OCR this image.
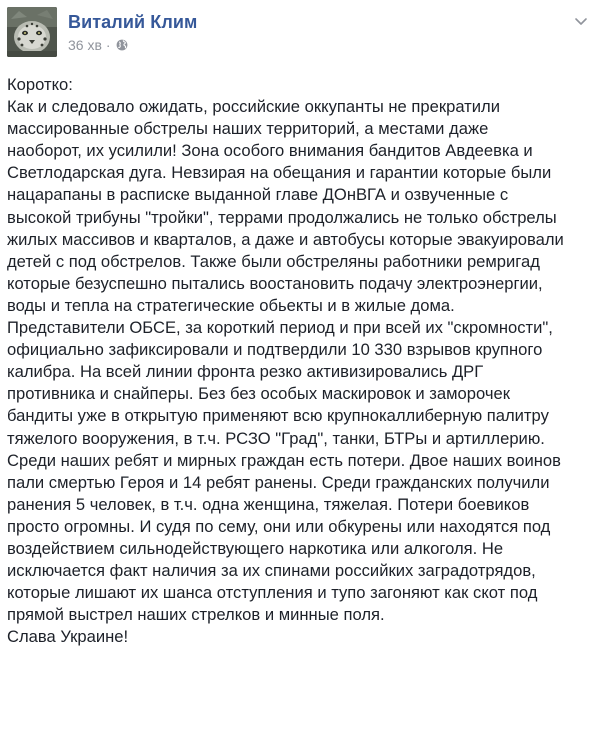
Виталий Клим
36 хв ·
Коротко:
Как и следовало ожидать, российские оккупанты не прекратили
массированные обстрелы наших территорий, а местами даже
наоборот, их усилили! Зона особого внимания бандитов Авдеевка и
Светлодарская дуга. Невзирая на обещания и гарантии которые были
нацарапаны в расписке выданной главе ДОнВГА и озвученные с
высокой трибуны "тройки", террами продолжались не только обстрелы
жилых массивов и кварталов, а даже и автобусы которые эвакуировали
детей с под обстрелов. Также были обстреляны работники ремригад
которые безуспешно пытались воостановить подачу электроэнергии,
воды и тепла на стратегические обьекты и в жилые дома.
Представители ОБСЕ, за короткий период и при всей их "скромности",
официально зафиксировали и подтвердили 10 330 взрывов крупного
калибра. На всей линии фронта резко активизировались ДРГ
противника и снайперы. Без без особых маскировок и заморочек
бандиты уже в открытую применяют всю крупнокаллиберную палитру
тяжелого вооружения, в т.ч. РСЗО "Град", танки, БТРы и артиллерию.
Среди наших ребят и мирных граждан есть потери. Двое наших воинов
пали смертью Героя и 14 ребят ранены. Среди гражданских получили
ранения 5 человек, в т.ч. одна женщина, тяжелая. Потери боевиков
просто огромны. И судя по сему, они или обкурены или находятся под
воздействием сильнодействующего наркотика или алкоголя. Не
исключается факт наличия за их спинами российких заградотрядов,
которые лишают их шанса отступления и тупо загоняют как скот под
прямой выстрел наших стрелков и минные поля.
Слава Украине!
